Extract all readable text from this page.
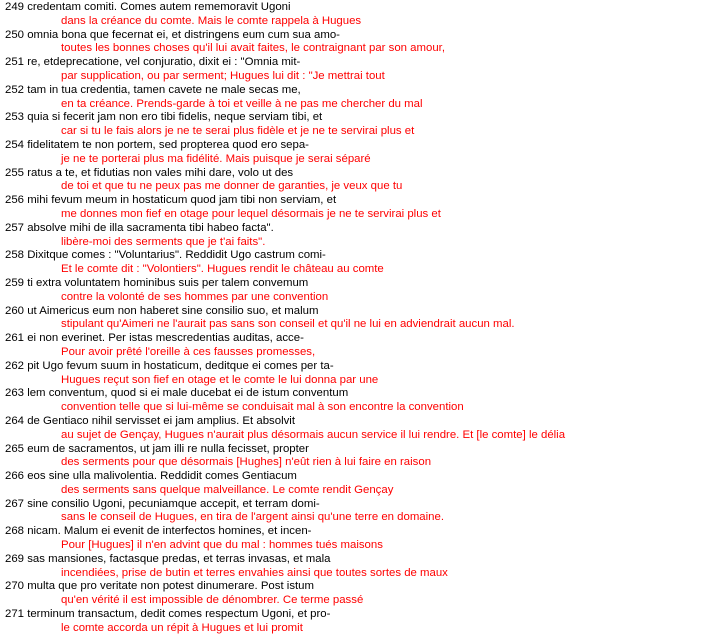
249 credentam comiti. Comes autem rememoravit Ugoni
dans la créance du comte. Mais le comte rappela à Hugues
250 omnia bona que fecernat ei, et distringens eum cum sua amo-
toutes les bonnes choses qu'il lui avait faites, le contraignant par son amour,
251 re, etdeprecatione, vel conjuratio, dixit ei : "Omnia mit-
par supplication, ou par serment; Hugues lui dit : "Je mettrai tout
252 tam in tua credentia, tamen cavete ne male secas me,
en ta créance. Prends-garde à toi et veille à ne pas me chercher du mal
253 quia si fecerit jam non ero tibi fidelis, neque serviam tibi, et
car si tu le fais alors je ne te serai plus fidèle et je ne te servirai plus et
254 fidelitatem te non portem, sed propterea quod ero sepa-
je ne te porterai plus ma fidélité. Mais puisque je serai séparé
255 ratus a te, et fidutias non vales mihi dare, volo ut des
de toi et que tu ne peux pas me donner de garanties, je veux que tu
256 mihi fevum meum in hostaticum quod jam tibi non serviam, et
me donnes mon fief en otage pour lequel désormais je ne te servirai plus et
257 absolve mihi de illa sacramenta tibi habeo facta".
libère-moi des serments que je t'ai faits".
258 Dixitque comes : "Voluntarius". Reddidit Ugo castrum comi-
Et le comte dit : "Volontiers". Hugues rendit le château au comte
259 ti extra voluntatem hominibus suis per talem convemum
contre la volonté de ses hommes par une convention
260 ut Aimericus eum non haberet sine consilio suo, et malum
stipulant qu'Aimeri ne l'aurait pas sans son conseil et qu'il ne lui en adviendrait aucun mal.
261 ei non everinet. Per istas mescredentias auditas, acce-
Pour avoir prêté l'oreille à ces fausses promesses,
262 pit Ugo fevum suum in hostaticum, deditque ei comes per ta-
Hugues reçut son fief en otage et le comte le lui donna par une
263 lem conventum, quod si ei male ducebat ei de istum conventum
convention telle que si lui-même se conduisait mal à son encontre la convention
264 de Gentiaco nihil servisset ei jam amplius. Et absolvit
au sujet de Gençay, Hugues n'aurait plus désormais aucun service il lui rendre. Et [le comte] le délia
265 eum de sacramentos, ut jam illi re nulla fecisset, propter
des serments pour que désormais [Hughes] n'eût rien à lui faire en raison
266 eos sine ulla malivolentia. Reddidit comes Gentiacum
des serments sans quelque malveillance. Le comte rendit Gençay
267 sine consilio Ugoni, pecuniamque accepit, et terram domi-
sans le conseil de Hugues, en tira de l'argent ainsi qu'une terre en domaine.
268 nicam. Malum ei evenit de interfectos homines, et incen-
Pour [Hugues] il n'en advint que du mal : hommes tués maisons
269 sas mansiones, factasque predas, et terras invasas, et mala
incendiées, prise de butin et terres envahies ainsi que toutes sortes de maux
270 multa que pro veritate non potest dinumerare. Post istum
qu'en vérité il est impossible de dénombrer. Ce terme passé
271 terminum transactum, dedit comes respectum Ugoni, et pro-
le comte accorda un répit à Hugues et lui promit
